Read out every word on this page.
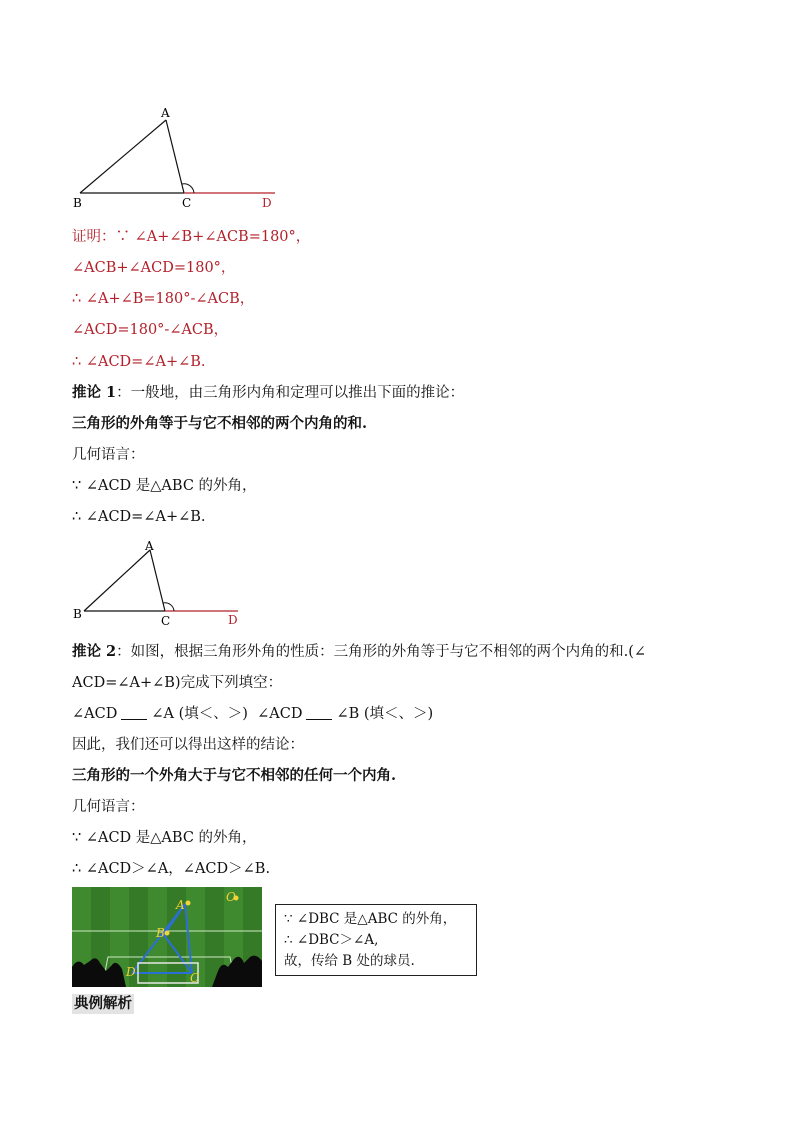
A
B	C	D
证明：∵ ∠A+∠B+∠ACB=180°，
∠ACB+∠ACD=180°，
∴ ∠A+∠B=180°-∠ACB，
∠ACD=180°-∠ACB，
∴ ∠ACD=∠A+∠B.
推论 1：一般地，由三角形内角和定理可以推出下面的推论：
三角形的外角等于与它不相邻的两个内角的和.
几何语言：
∵ ∠ACD 是△ABC 的外角，
∴ ∠ACD=∠A+∠B.
A
B	C	D
推论 2：如图，根据三角形外角的性质：三角形的外角等于与它不相邻的两个内角的和.(∠
ACD=∠A+∠B)完成下列填空：
∠ACD ∠A (填＜、＞) ∠ACD ∠B (填＜、＞)
因此，我们还可以得出这样的结论：
三角形的一个外角大于与它不相邻的任何一个内角.
几何语言：
∵ ∠ACD 是△ABC 的外角，
∴ ∠ACD＞∠A，∠ACD＞∠B.
A
B
C
D
O
∵ ∠DBC 是△ABC 的外角，
∴ ∠DBC＞∠A,
故，传给 B 处的球员.
典例解析
